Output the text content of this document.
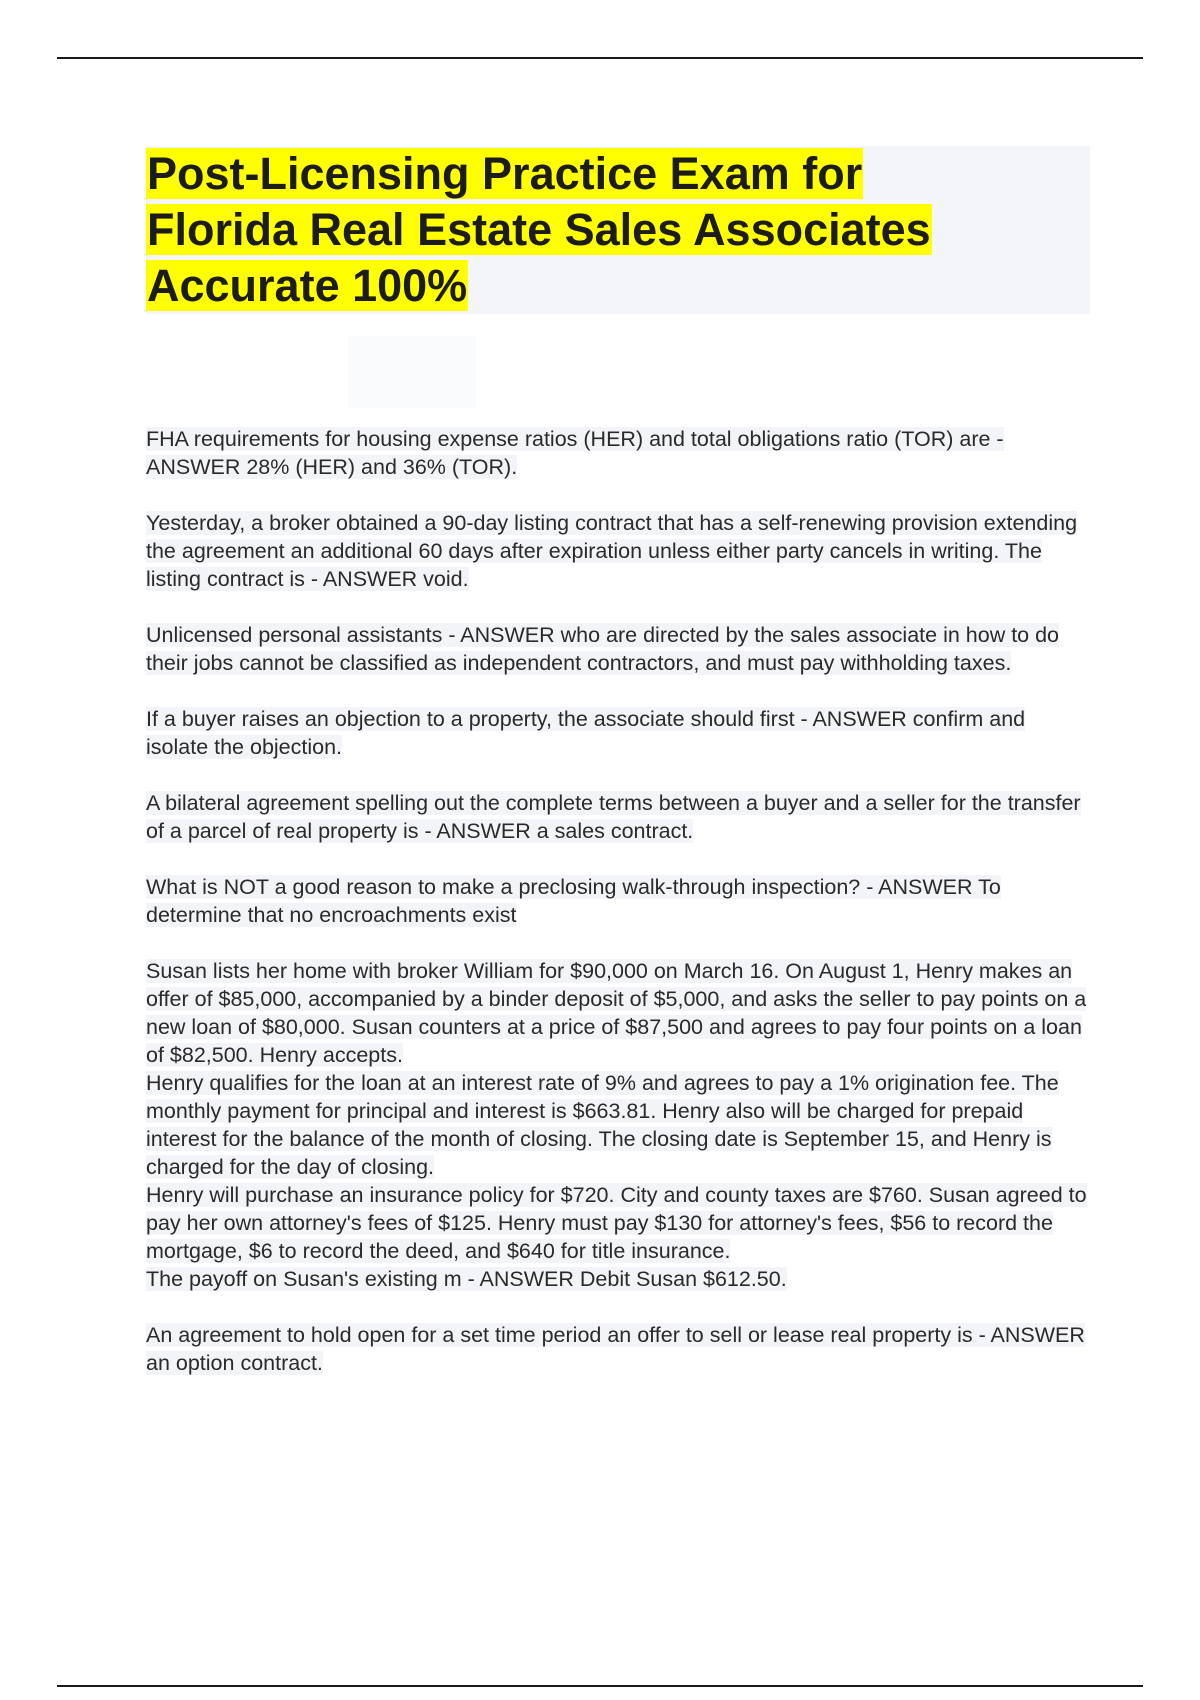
Post-Licensing Practice Exam for
Florida Real Estate Sales Associates
Accurate 100%

FHA requirements for housing expense ratios (HER) and total obligations ratio (TOR) are - ANSWER 28% (HER) and 36% (TOR).

Yesterday, a broker obtained a 90-day listing contract that has a self-renewing provision extending the agreement an additional 60 days after expiration unless either party cancels in writing. The listing contract is - ANSWER void.

Unlicensed personal assistants - ANSWER who are directed by the sales associate in how to do their jobs cannot be classified as independent contractors, and must pay withholding taxes.

If a buyer raises an objection to a property, the associate should first - ANSWER confirm and isolate the objection.

A bilateral agreement spelling out the complete terms between a buyer and a seller for the transfer of a parcel of real property is - ANSWER a sales contract.

What is NOT a good reason to make a preclosing walk-through inspection? - ANSWER To determine that no encroachments exist

Susan lists her home with broker William for $90,000 on March 16. On August 1, Henry makes an offer of $85,000, accompanied by a binder deposit of $5,000, and asks the seller to pay points on a new loan of $80,000. Susan counters at a price of $87,500 and agrees to pay four points on a loan of $82,500. Henry accepts.

Henry qualifies for the loan at an interest rate of 9% and agrees to pay a 1% origination fee. The monthly payment for principal and interest is $663.81. Henry also will be charged for prepaid interest for the balance of the month of closing. The closing date is September 15, and Henry is charged for the day of closing.

Henry will purchase an insurance policy for $720. City and county taxes are $760. Susan agreed to pay her own attorney's fees of $125. Henry must pay $130 for attorney's fees, $56 to record the mortgage, $6 to record the deed, and $640 for title insurance.

The payoff on Susan's existing m - ANSWER Debit Susan $612.50.

An agreement to hold open for a set time period an offer to sell or lease real property is - ANSWER an option contract.
